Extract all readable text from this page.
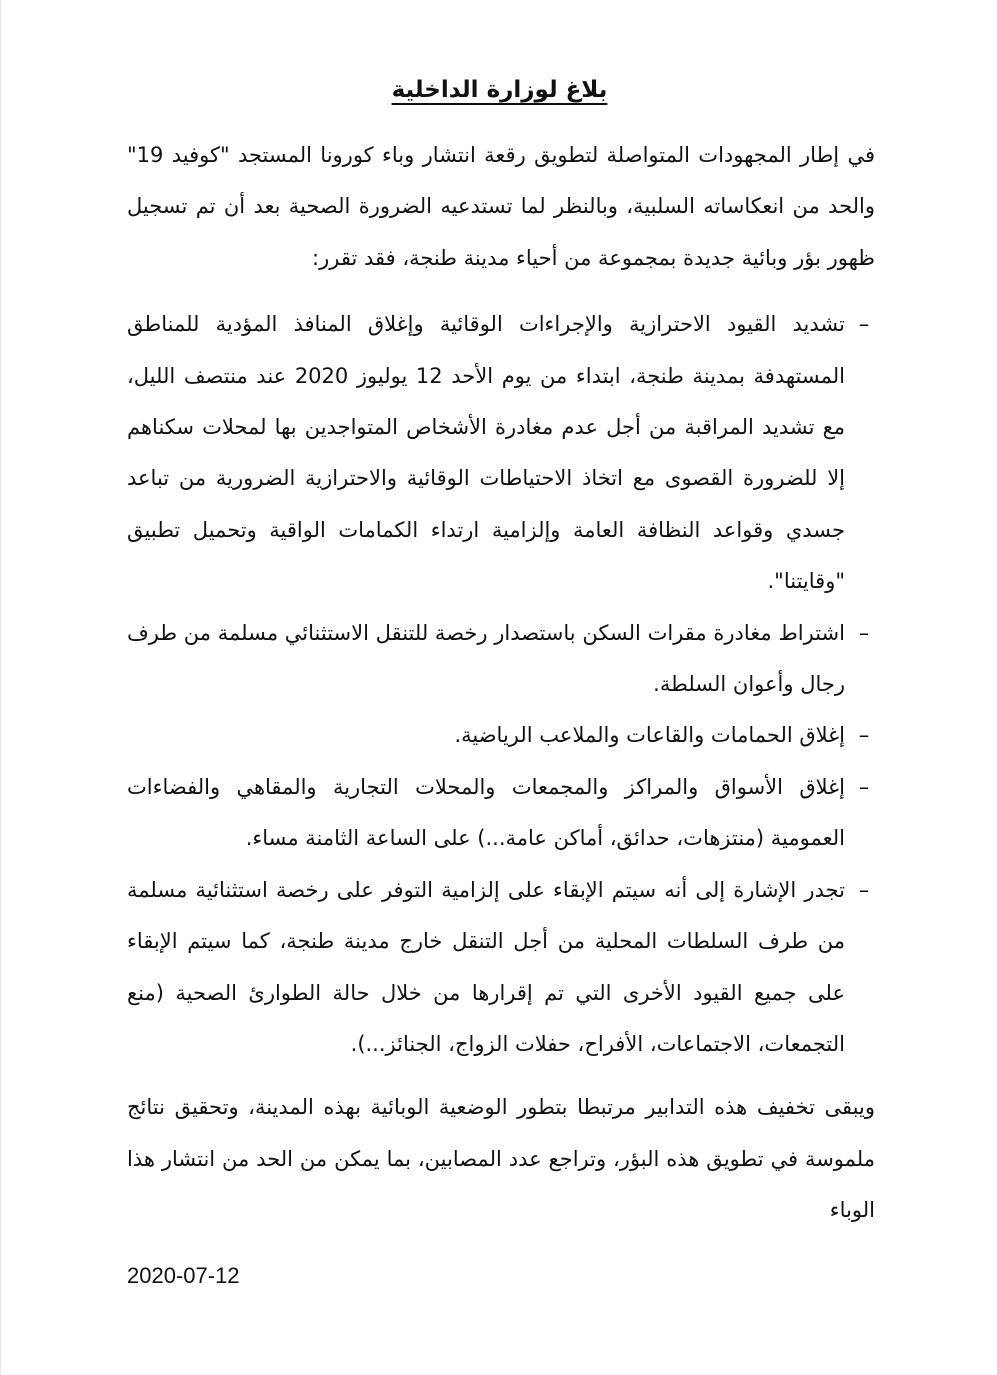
بلاغ لوزارة الداخلية

في إطار المجهودات المتواصلة لتطويق رقعة انتشار وباء كورونا المستجد "كوفيد 19" والحد من انعكاساته السلبية، وبالنظر لما تستدعيه الضرورة الصحية بعد أن تم تسجيل ظهور بؤر وبائية جديدة بمجموعة من أحياء مدينة طنجة، فقد تقرر:

–
تشديد القيود الاحترازية والإجراءات الوقائية وإغلاق المنافذ المؤدية للمناطق المستهدفة بمدينة طنجة، ابتداء من يوم الأحد 12 يوليوز 2020 عند منتصف الليل، مع تشديد المراقبة من أجل عدم مغادرة الأشخاص المتواجدين بها لمحلات سكناهم إلا للضرورة القصوى مع اتخاذ الاحتياطات الوقائية والاحترازية الضرورية من تباعد جسدي وقواعد النظافة العامة وإلزامية ارتداء الكمامات الواقية وتحميل تطبيق "وقايتنا".
–
اشتراط مغادرة مقرات السكن باستصدار رخصة للتنقل الاستثنائي مسلمة من طرف رجال وأعوان السلطة.
–
إغلاق الحمامات والقاعات والملاعب الرياضية.
–
إغلاق الأسواق والمراكز والمجمعات والمحلات التجارية والمقاهي والفضاءات العمومية (منتزهات، حدائق، أماكن عامة...) على الساعة الثامنة مساء.
–
تجدر الإشارة إلى أنه سيتم الإبقاء على إلزامية التوفر على رخصة استثنائية مسلمة من طرف السلطات المحلية من أجل التنقل خارج مدينة طنجة، كما سيتم الإبقاء على جميع القيود الأخرى التي تم إقرارها من خلال حالة الطوارئ الصحية (منع التجمعات، الاجتماعات، الأفراح، حفلات الزواج، الجنائز...).

ويبقى تخفيف هذه التدابير مرتبطا بتطور الوضعية الوبائية بهذه المدينة، وتحقيق نتائج ملموسة في تطويق هذه البؤر، وتراجع عدد المصابين، بما يمكن من الحد من انتشار هذا الوباء

2020-07-12
